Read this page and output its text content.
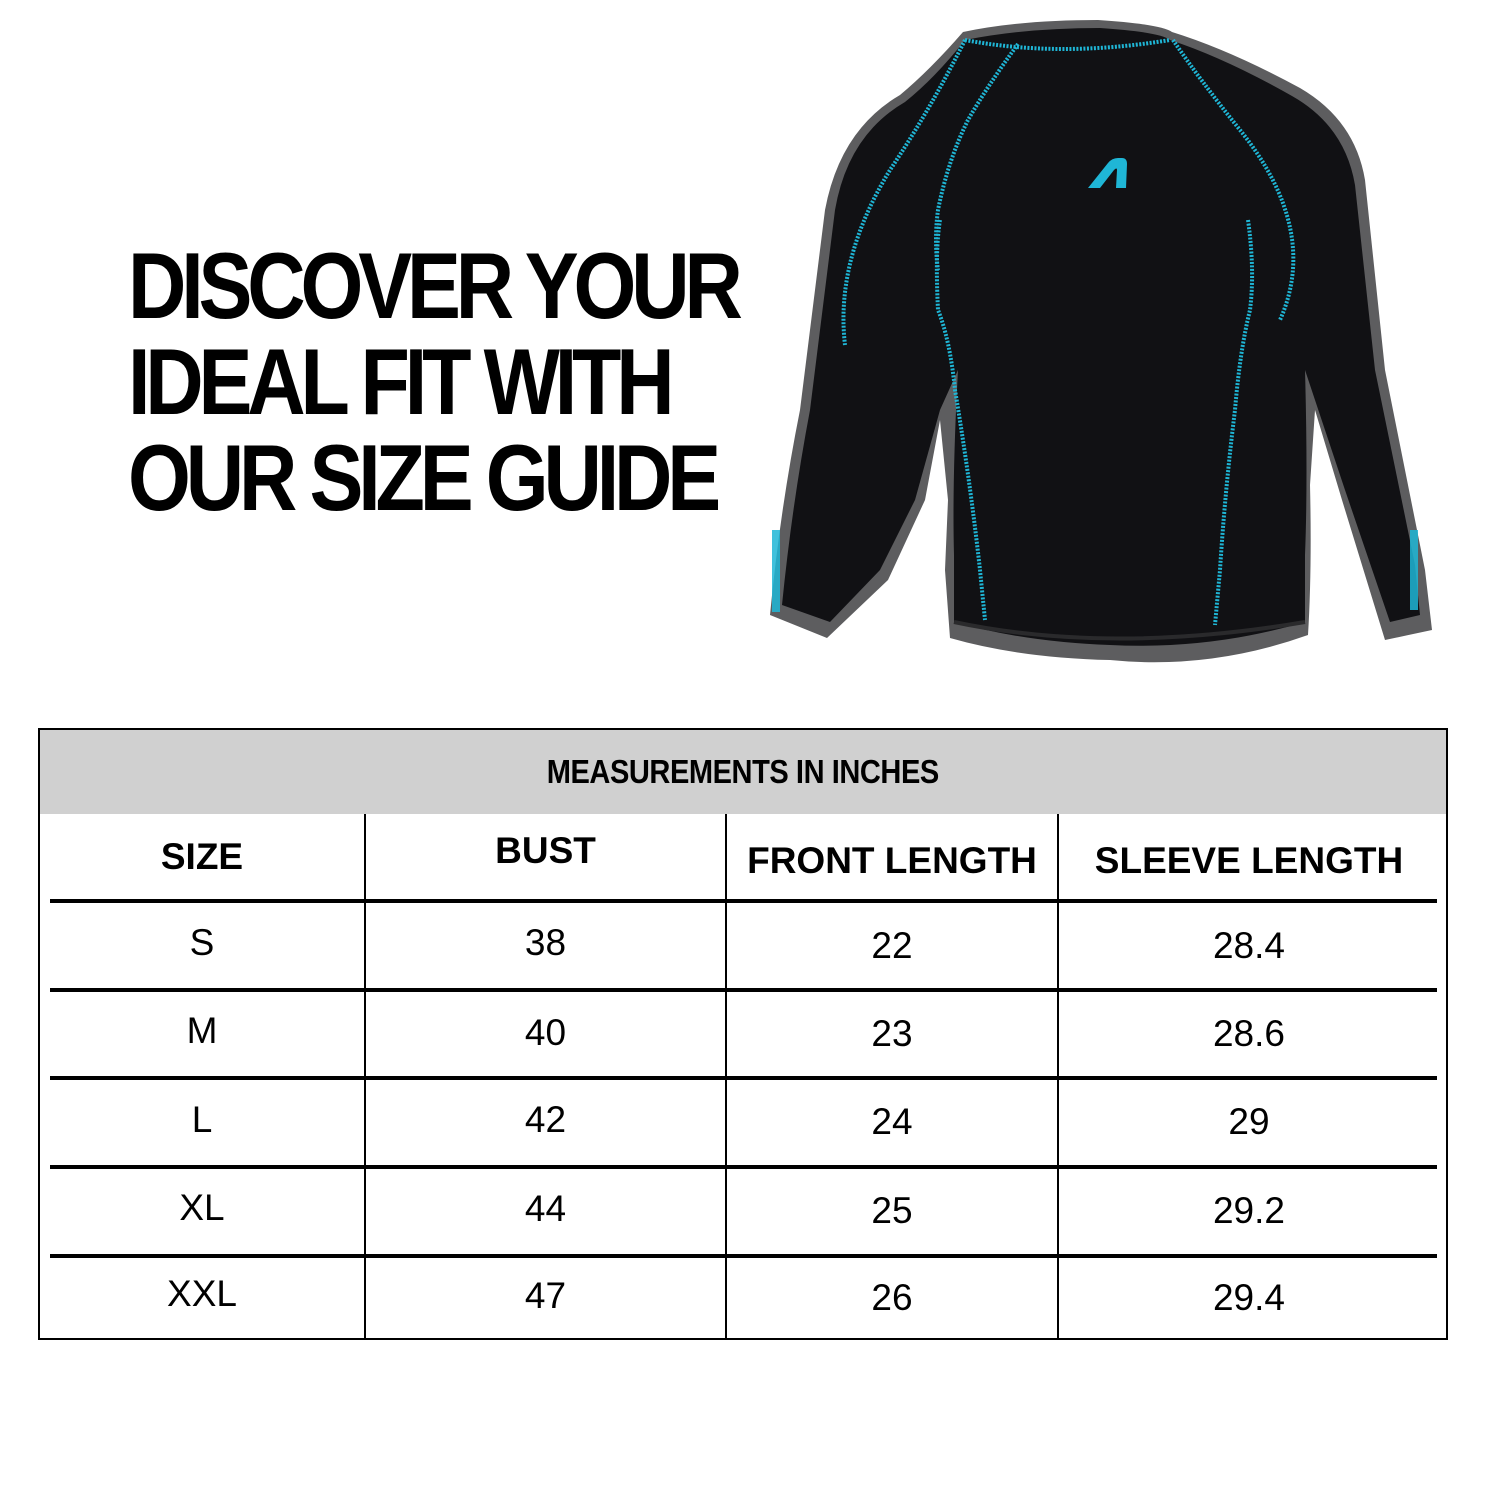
DISCOVER YOUR
IDEAL FIT WITH
OUR SIZE GUIDE
MEASUREMENTS IN INCHES
SIZE	BUST	FRONT LENGTH	SLEEVE LENGTH
S	38	22	28.4
M	40	23	28.6
L	42	24	29
XL	44	25	29.2
XXL	47	26	29.4
